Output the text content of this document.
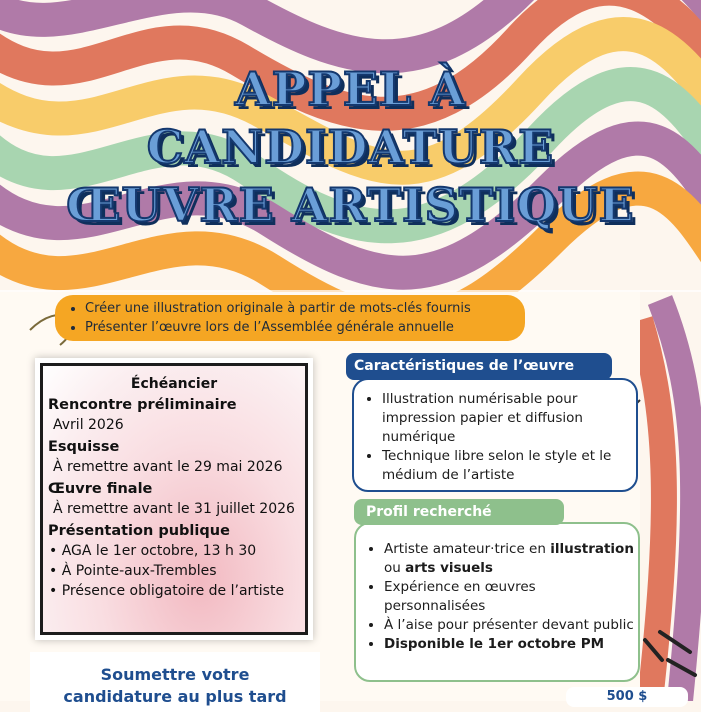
APPEL À
CANDIDATURE
ŒUVRE ARTISTIQUE
• Créer une illustration originale à partir de mots-clés fournis
• Présenter l’œuvre lors de l’Assemblée générale annuelle
Échéancier
Rencontre préliminaire
Avril 2026
Esquisse
À remettre avant le 29 mai 2026
Œuvre finale
À remettre avant le 31 juillet 2026
Présentation publique
• AGA le 1er octobre, 13 h 30
• À Pointe-aux-Trembles
• Présence obligatoire de l’artiste
Soumettre votre
candidature au plus tard
• Illustration numérisable pour impression papier et diffusion numérique
• Technique libre selon le style et le médium de l’artiste
Caractéristiques de l’œuvre
• Artiste amateur·trice en illustration ou arts visuels
• Expérience en œuvres personnalisées
• À l’aise pour présenter devant public
• Disponible le 1er octobre PM
Profil recherché
500 $
